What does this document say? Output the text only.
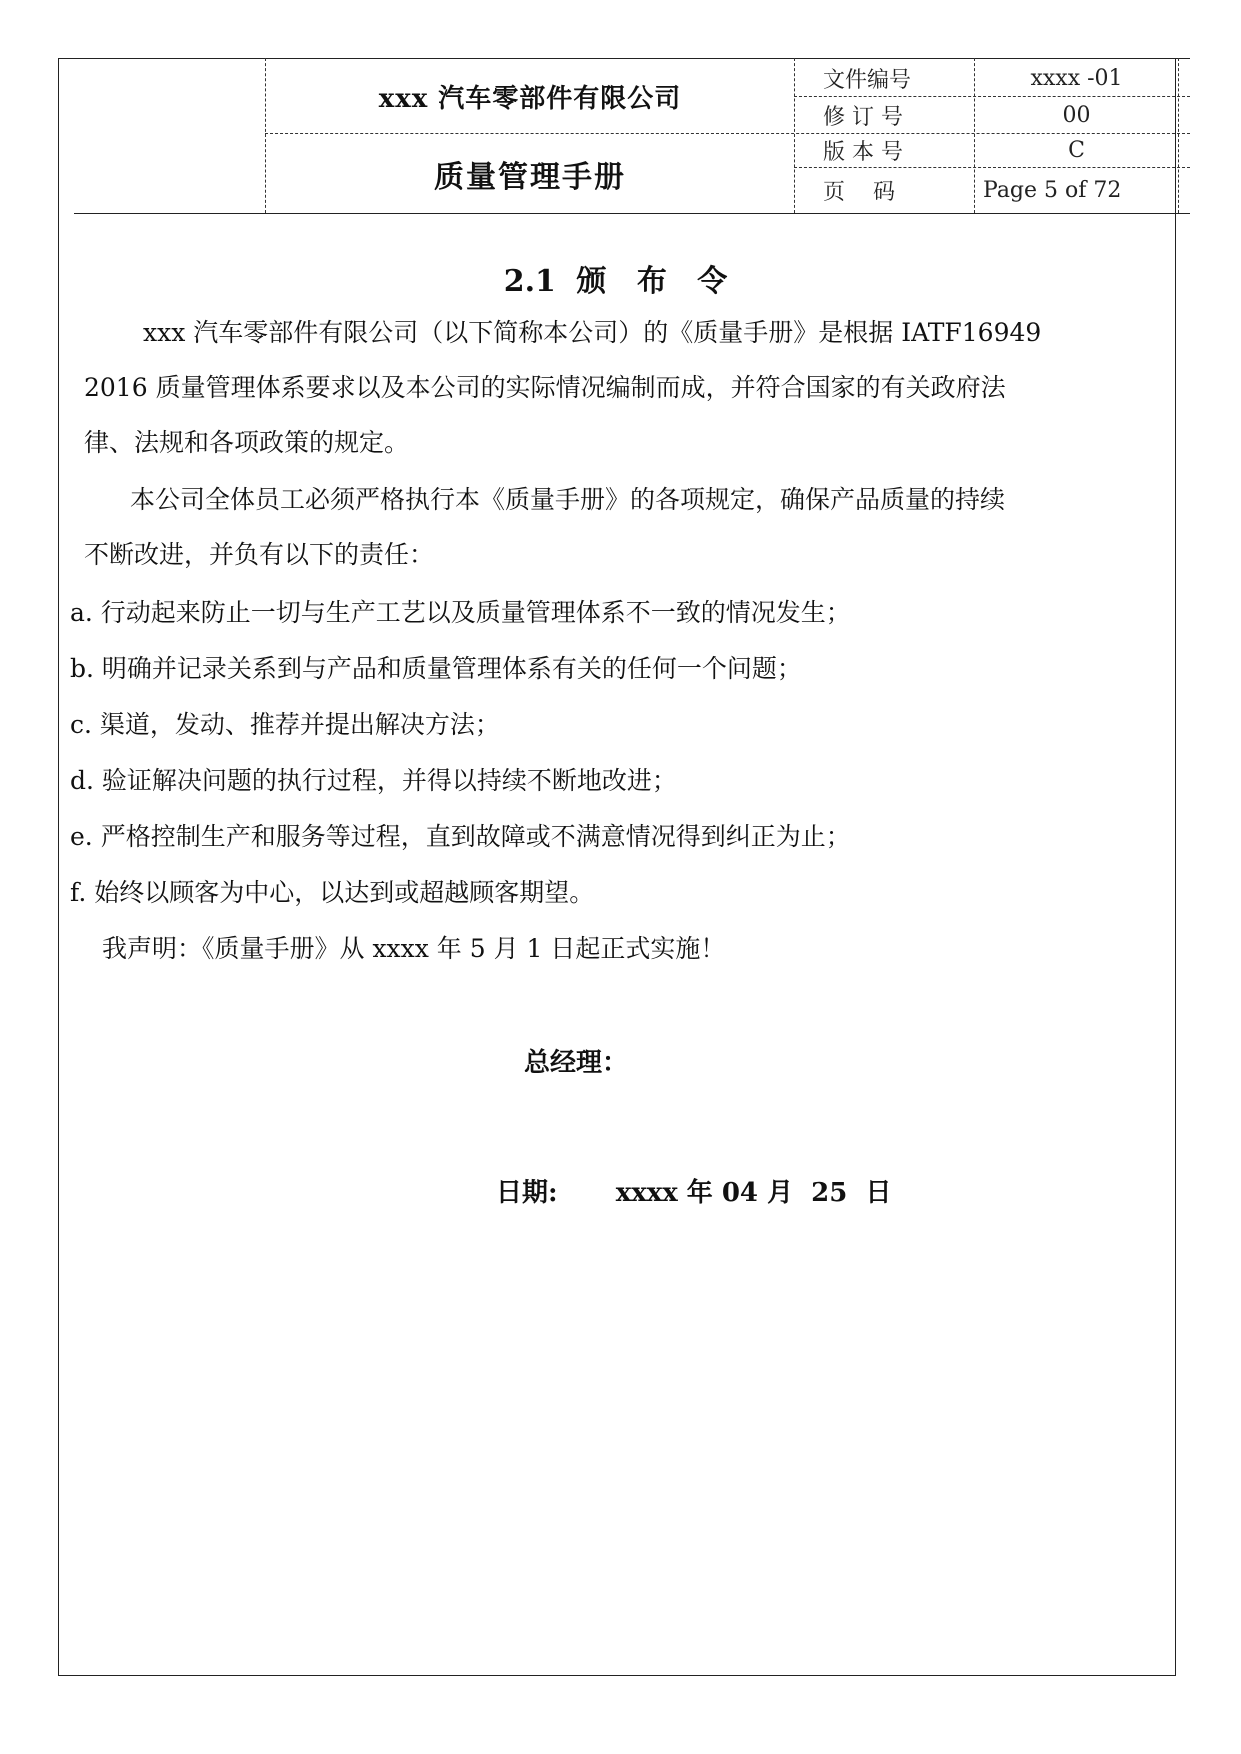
xxx 汽车零部件有限公司
质量管理手册
文件编号	xxxx -01
修 订 号	00
版 本 号	C
页    码	Page 5 of 72
2.1 颁 布 令
xxx 汽车零部件有限公司（以下简称本公司）的《质量手册》是根据 IATF16949
2016 质量管理体系要求以及本公司的实际情况编制而成，并符合国家的有关政府法
律、法规和各项政策的规定。
本公司全体员工必须严格执行本《质量手册》的各项规定，确保产品质量的持续
不断改进，并负有以下的责任：
a. 行动起来防止一切与生产工艺以及质量管理体系不一致的情况发生；
b. 明确并记录关系到与产品和质量管理体系有关的任何一个问题；
c. 渠道，发动、推荐并提出解决方法；
d. 验证解决问题的执行过程，并得以持续不断地改进；
e. 严格控制生产和服务等过程，直到故障或不满意情况得到纠正为止；
f. 始终以顾客为中心，以达到或超越顾客期望。
我声明：《质量手册》从 xxxx 年 5 月 1 日起正式实施！
总经理：
日期: xxxx 年 04 月  25  日
